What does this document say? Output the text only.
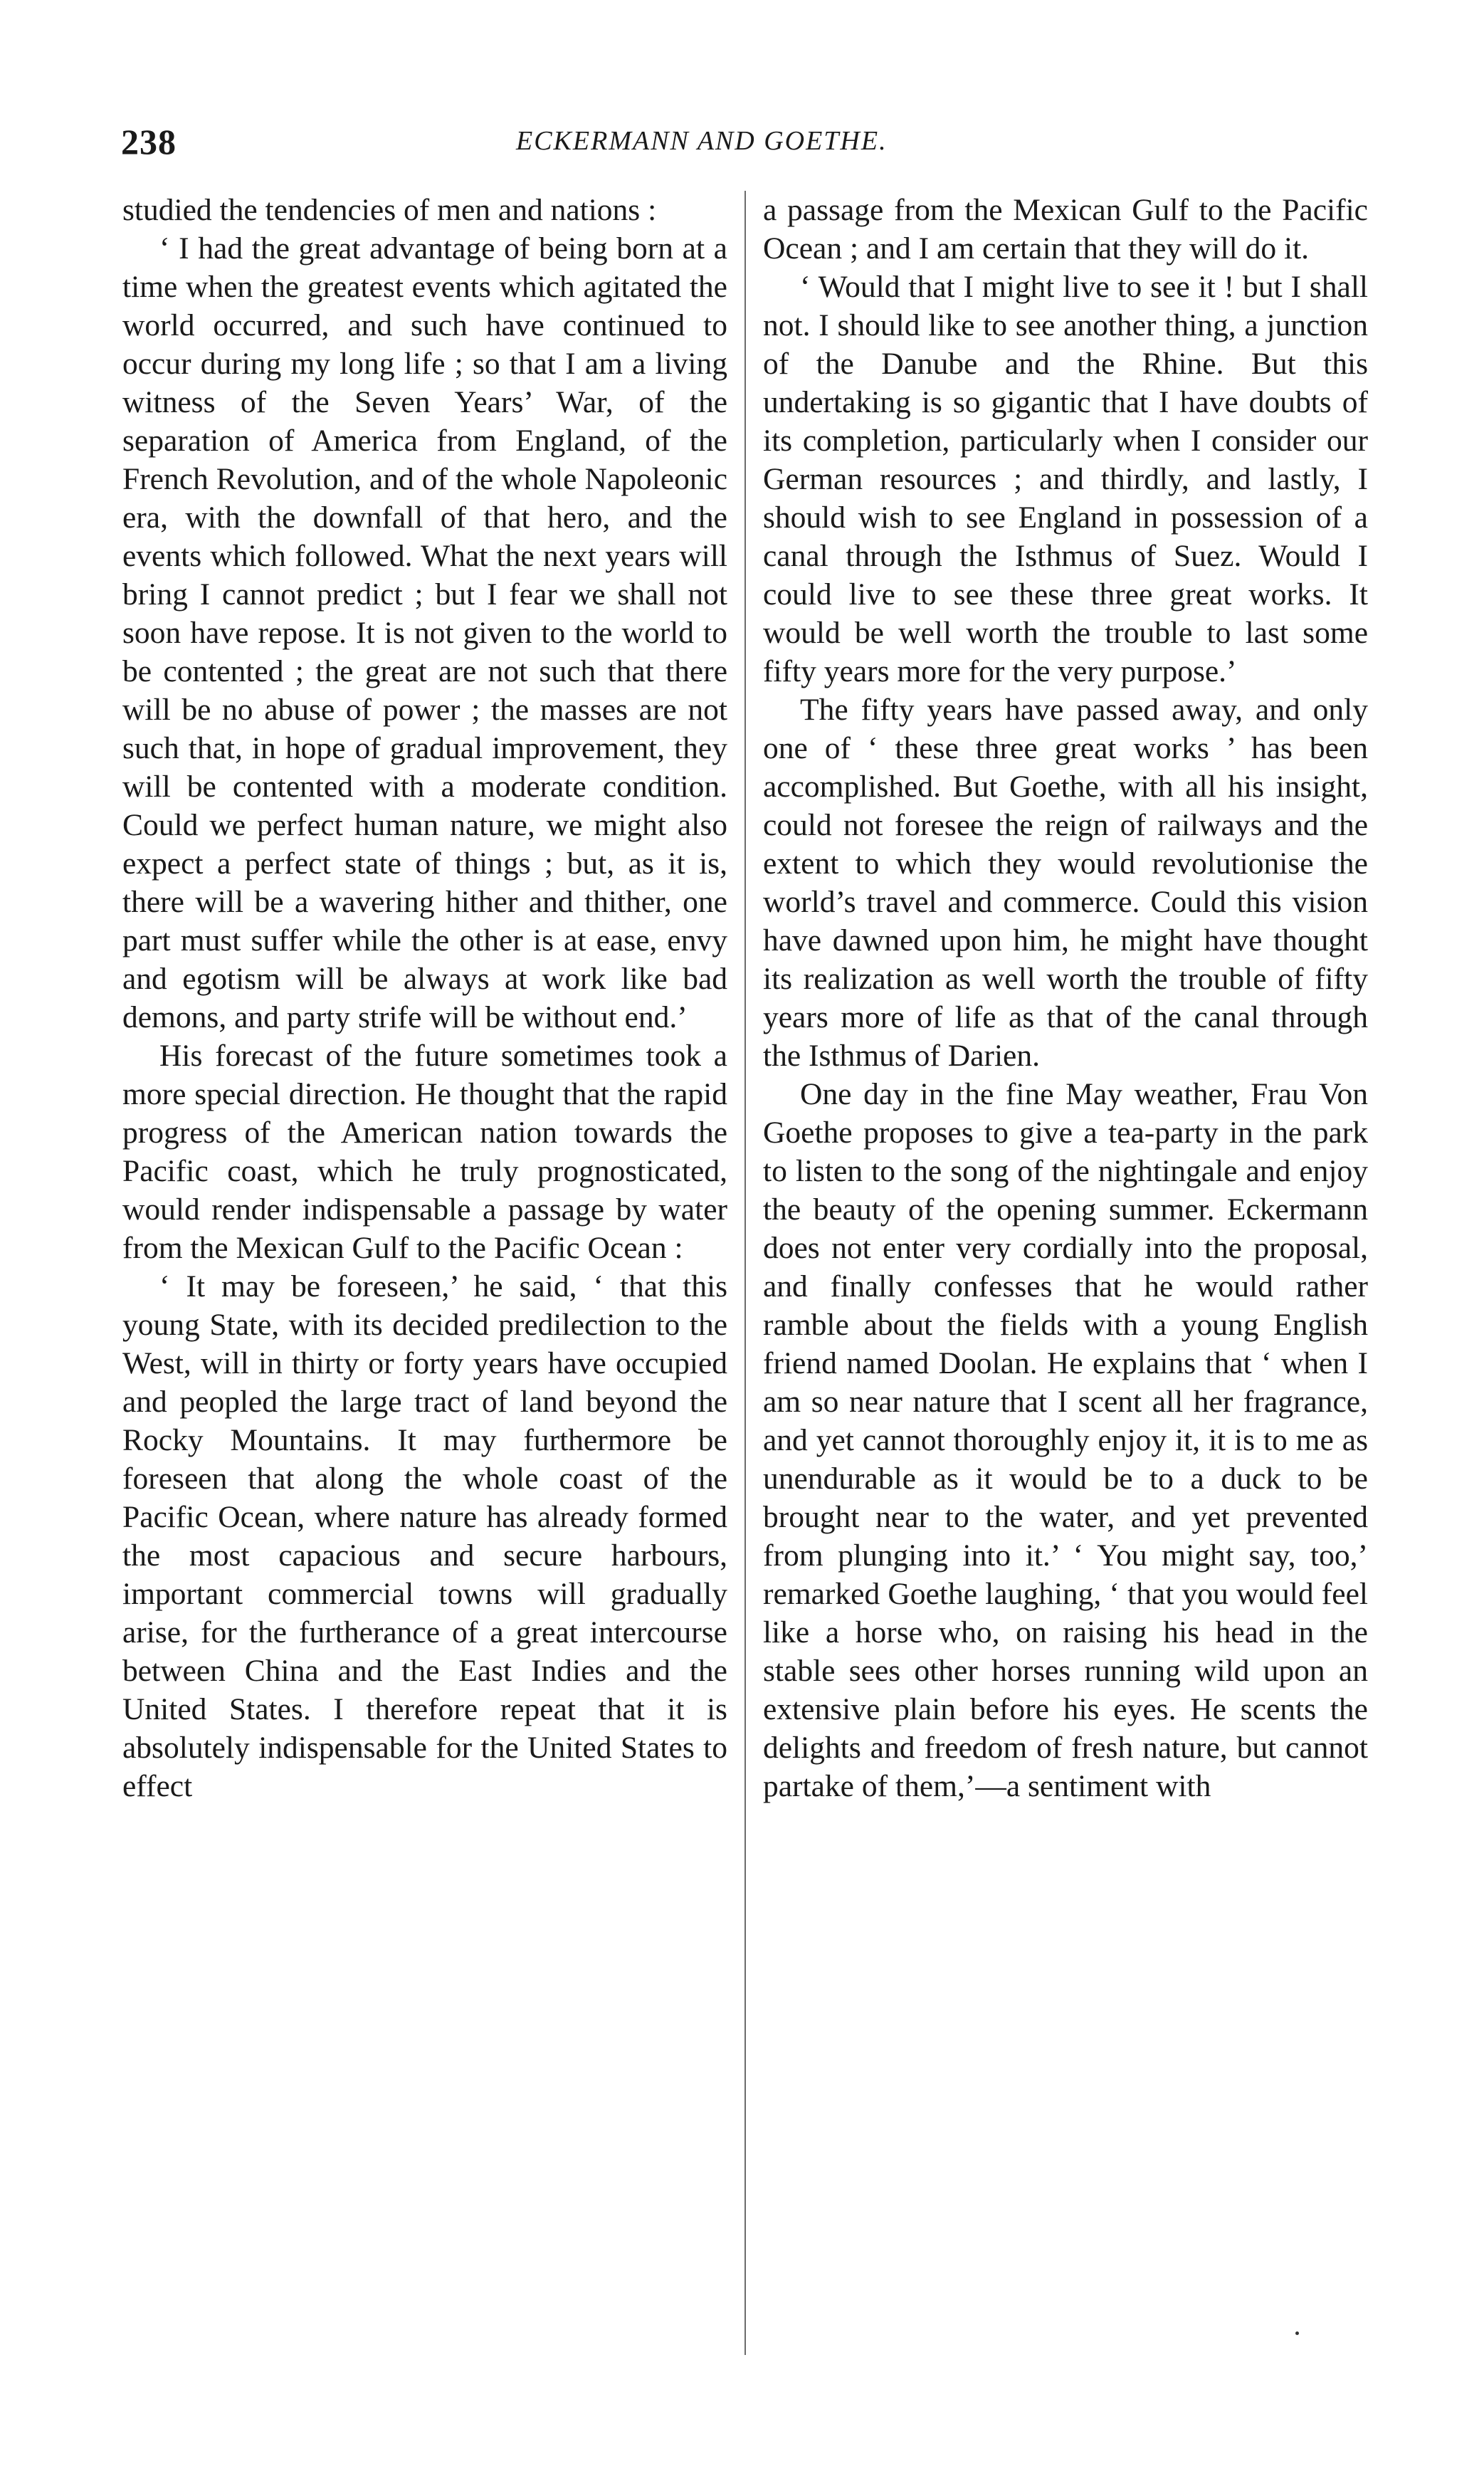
238	ECKERMANN AND GOETHE.

studied the tendencies of men and nations :

‘ I had the great advantage of being born at a time when the greatest events which agitated the world occurred, and such have continued to occur during my long life ; so that I am a living witness of the Seven Years’ War, of the separation of America from England, of the French Revolution, and of the whole Napoleonic era, with the downfall of that hero, and the events which followed. What the next years will bring I cannot predict ; but I fear we shall not soon have repose. It is not given to the world to be contented ; the great are not such that there will be no abuse of power ; the masses are not such that, in hope of gradual improvement, they will be contented with a moderate condition. Could we perfect human nature, we might also expect a perfect state of things ; but, as it is, there will be a wavering hither and thither, one part must suffer while the other is at ease, envy and egotism will be always at work like bad demons, and party strife will be without end.’

His forecast of the future sometimes took a more special direction. He thought that the rapid progress of the American nation towards the Pacific coast, which he truly prognosticated, would render indispensable a passage by water from the Mexican Gulf to the Pacific Ocean :

‘ It may be foreseen,’ he said, ‘ that this young State, with its decided predilection to the West, will in thirty or forty years have occupied and peopled the large tract of land beyond the Rocky Mountains. It may furthermore be foreseen that along the whole coast of the Pacific Ocean, where nature has already formed the most capacious and secure harbours, important commercial towns will gradually arise, for the furtherance of a great intercourse between China and the East Indies and the United States. I therefore repeat that it is absolutely indispensable for the United States to effect

a passage from the Mexican Gulf to the Pacific Ocean ; and I am certain that they will do it.

‘ Would that I might live to see it ! but I shall not. I should like to see another thing, a junction of the Danube and the Rhine. But this undertaking is so gigantic that I have doubts of its completion, particularly when I consider our German resources ; and thirdly, and lastly, I should wish to see England in possession of a canal through the Isthmus of Suez. Would I could live to see these three great works. It would be well worth the trouble to last some fifty years more for the very purpose.’

The fifty years have passed away, and only one of ‘ these three great works ’ has been accomplished. But Goethe, with all his insight, could not foresee the reign of railways and the extent to which they would revolutionise the world’s travel and commerce. Could this vision have dawned upon him, he might have thought its realization as well worth the trouble of fifty years more of life as that of the canal through the Isthmus of Darien.

One day in the fine May weather, Frau Von Goethe proposes to give a tea-party in the park to listen to the song of the nightingale and enjoy the beauty of the opening summer. Eckermann does not enter very cordially into the proposal, and finally confesses that he would rather ramble about the fields with a young English friend named Doolan. He explains that ‘ when I am so near nature that I scent all her fragrance, and yet cannot thoroughly enjoy it, it is to me as unendurable as it would be to a duck to be brought near to the water, and yet prevented from plunging into it.’ ‘ You might say, too,’ remarked Goethe laughing, ‘ that you would feel like a horse who, on raising his head in the stable sees other horses running wild upon an extensive plain before his eyes. He scents the delights and freedom of fresh nature, but cannot partake of them,’—a sentiment with
